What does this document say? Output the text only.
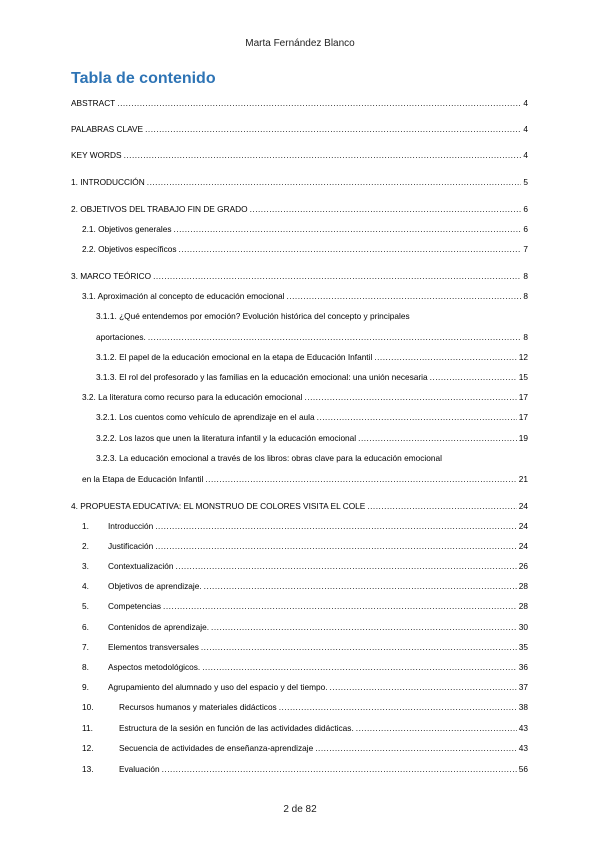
Marta Fernández Blanco
Tabla de contenido
ABSTRACT .....	4
PALABRAS CLAVE .....	4
KEY WORDS .....	4
1. INTRODUCCIÓN .....	5
2. OBJETIVOS DEL TRABAJO FIN DE GRADO .....	6
2.1. Objetivos generales .....	6
2.2. Objetivos específicos .....	7
3. MARCO TEÓRICO .....	8
3.1. Aproximación al concepto de educación emocional .....	8
3.1.1. ¿Qué entendemos por emoción? Evolución histórica del concepto y principales
aportaciones. .....	8
3.1.2. El papel de la educación emocional en la etapa de Educación Infantil .....	12
3.1.3. El rol del profesorado y las familias en la educación emocional: una unión necesaria .....	15
3.2. La literatura como recurso para la educación emocional .....	17
3.2.1. Los cuentos como vehículo de aprendizaje en el aula .....	17
3.2.2. Los lazos que unen la literatura infantil y la educación emocional .....	19
3.2.3. La educación emocional a través de los libros: obras clave para la educación emocional
en la Etapa de Educación Infantil .....	21
4. PROPUESTA EDUCATIVA: EL MONSTRUO DE COLORES VISITA EL COLE .....	24
1.	Introducción .....	24
2.	Justificación .....	24
3.	Contextualización .....	26
4.	Objetivos de aprendizaje. .....	28
5.	Competencias .....	28
6.	Contenidos de aprendizaje. .....	30
7.	Elementos transversales .....	35
8.	Aspectos metodológicos. .....	36
9.	Agrupamiento del alumnado y uso del espacio y del tiempo. .....	37
10.	Recursos humanos y materiales didácticos .....	38
11.	Estructura de la sesión en función de las actividades didácticas. .....	43
12.	Secuencia de actividades de enseñanza-aprendizaje .....	43
13.	Evaluación .....	56
2 de 82
